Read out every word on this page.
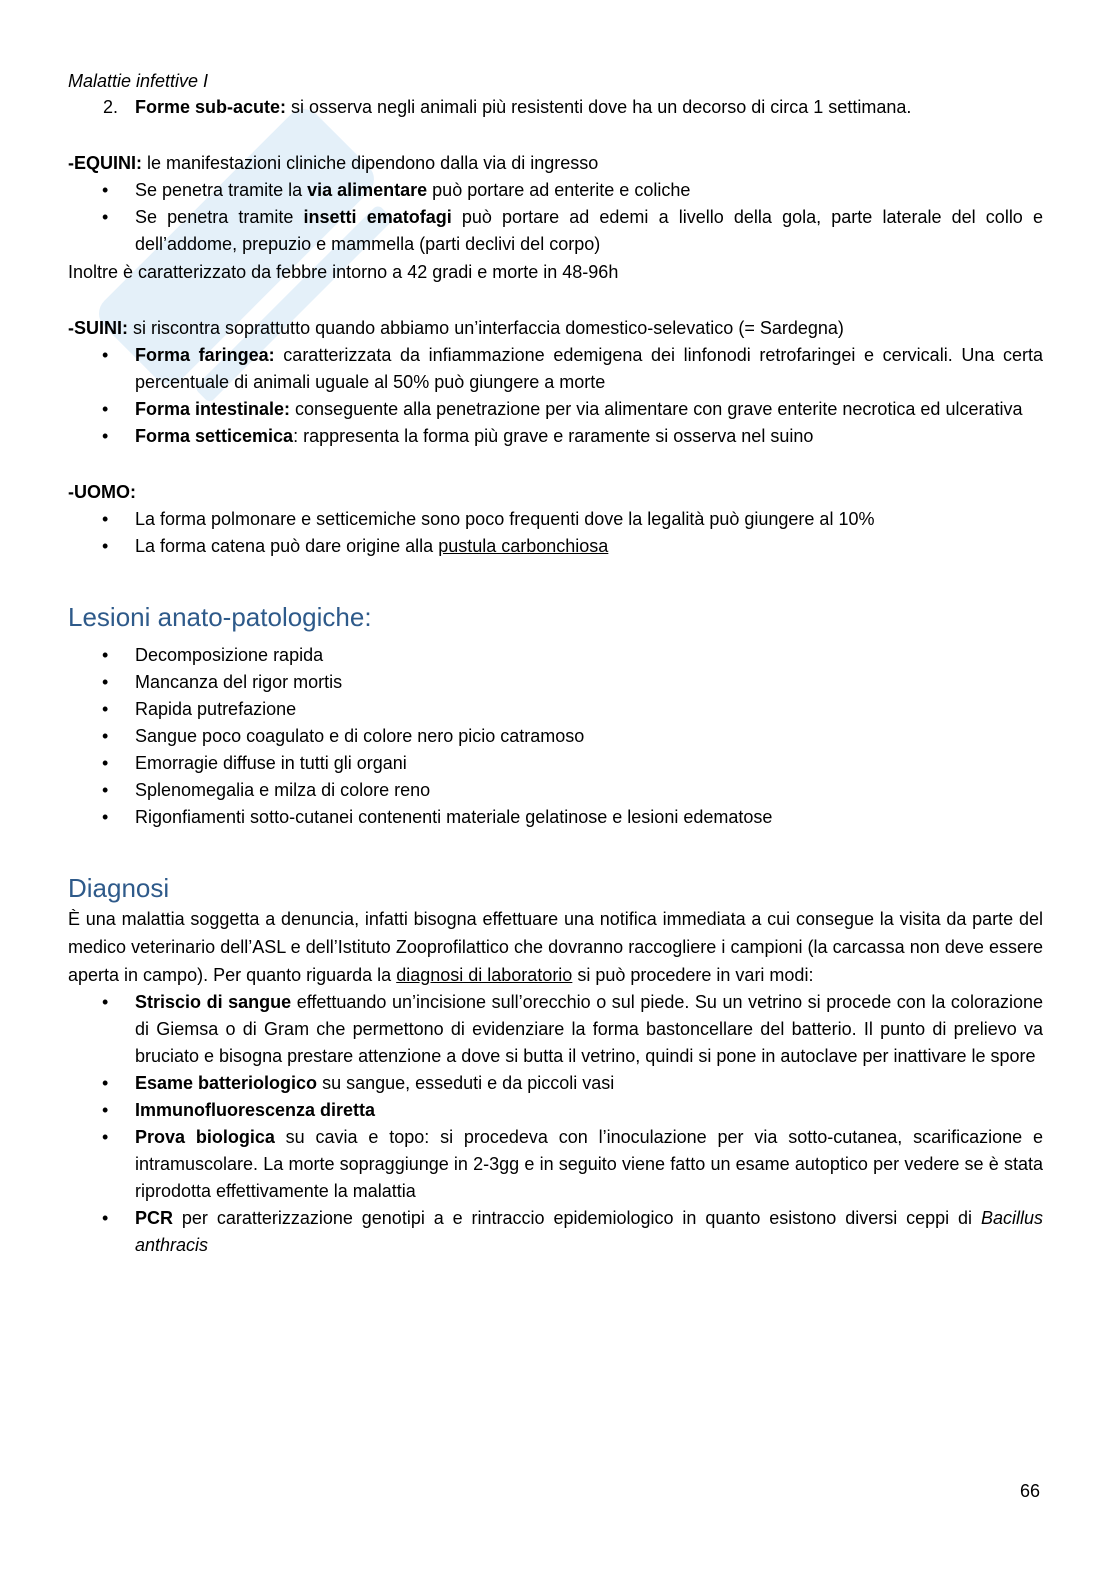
Malattie infettive I

2. Forme sub-acute: si osserva negli animali più resistenti dove ha un decorso di circa 1 settimana.

-EQUINI: le manifestazioni cliniche dipendono dalla via di ingresso

• Se penetra tramite la via alimentare può portare ad enterite e coliche
• Se penetra tramite insetti ematofagi può portare ad edemi a livello della gola, parte laterale del collo e dell’addome, prepuzio e mammella (parti declivi del corpo)

Inoltre è caratterizzato da febbre intorno a 42 gradi e morte in 48-96h

-SUINI: si riscontra soprattutto quando abbiamo un’interfaccia domestico-selevatico (= Sardegna)

• Forma faringea: caratterizzata da infiammazione edemigena dei linfonodi retrofaringei e cervicali. Una certa percentuale di animali uguale al 50% può giungere a morte
• Forma intestinale: conseguente alla penetrazione per via alimentare con grave enterite necrotica ed ulcerativa
• Forma setticemica: rappresenta la forma più grave e raramente si osserva nel suino

-UOMO:

• La forma polmonare e setticemiche sono poco frequenti dove la legalità può giungere al 10%
• La forma catena può dare origine alla pustula carbonchiosa
Lesioni anato-patologiche:
• Decomposizione rapida
• Mancanza del rigor mortis
• Rapida putrefazione
• Sangue poco coagulato e di colore nero picio catramoso
• Emorragie diffuse in tutti gli organi
• Splenomegalia e milza di colore reno
• Rigonfiamenti sotto-cutanei contenenti materiale gelatinose e lesioni edematose
Diagnosi

È una malattia soggetta a denuncia, infatti bisogna effettuare una notifica immediata a cui consegue la visita da parte del medico veterinario dell’ASL e dell’Istituto Zooprofilattico che dovranno raccogliere i campioni (la carcassa non deve essere aperta in campo). Per quanto riguarda la diagnosi di laboratorio si può procedere in vari modi:

• Striscio di sangue effettuando un’incisione sull’orecchio o sul piede. Su un vetrino si procede con la colorazione di Giemsa o di Gram che permettono di evidenziare la forma bastoncellare del batterio. Il punto di prelievo va bruciato e bisogna prestare attenzione a dove si butta il vetrino, quindi si pone in autoclave per inattivare le spore
• Esame batteriologico su sangue, esseduti e da piccoli vasi
• Immunofluorescenza diretta
• Prova biologica su cavia e topo: si procedeva con l’inoculazione per via sotto-cutanea, scarificazione e intramuscolare. La morte sopraggiunge in 2-3gg e in seguito viene fatto un esame autoptico per vedere se è stata riprodotta effettivamente la malattia
• PCR per caratterizzazione genotipi a e rintraccio epidemiologico in quanto esistono diversi ceppi di Bacillus anthracis
66
